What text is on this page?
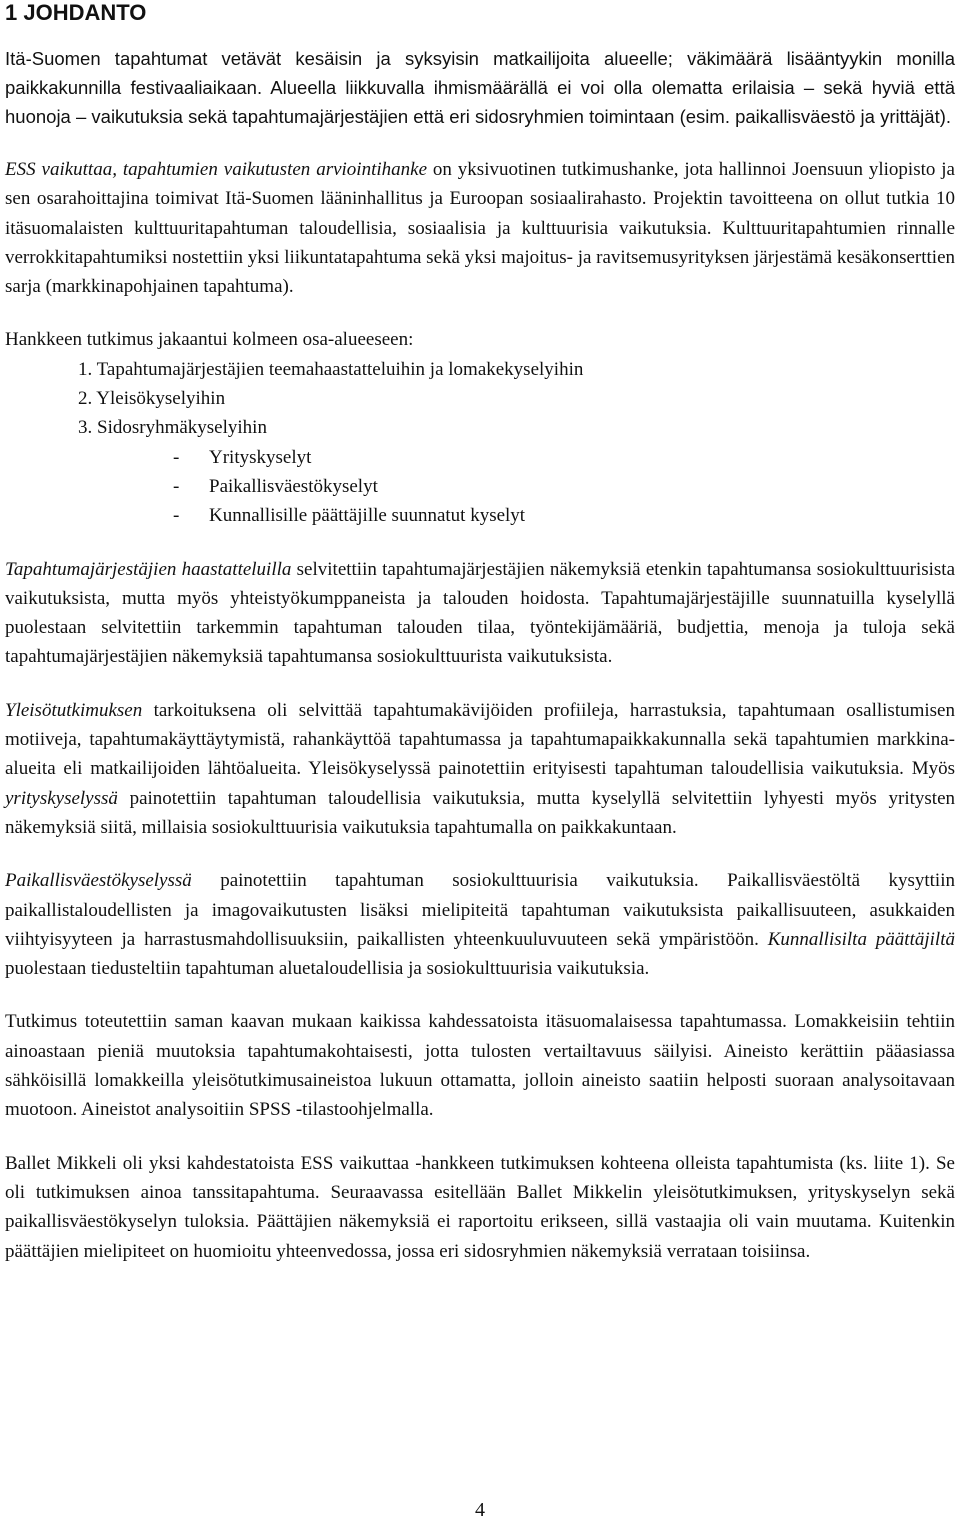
1 JOHDANTO

Itä-Suomen tapahtumat vetävät kesäisin ja syksyisin matkailijoita alueelle; väkimäärä lisääntyykin monilla paikkakunnilla festivaaliaikaan. Alueella liikkuvalla ihmismäärällä ei voi olla olematta erilaisia – sekä hyviä että huonoja – vaikutuksia sekä tapahtumajärjestäjien että eri sidosryhmien toimintaan (esim. paikallisväestö ja yrittäjät).

ESS vaikuttaa, tapahtumien vaikutusten arviointihanke on yksivuotinen tutkimushanke, jota hallinnoi Joensuun yliopisto ja sen osarahoittajina toimivat Itä-Suomen lääninhallitus ja Euroopan sosiaalirahasto. Projektin tavoitteena on ollut tutkia 10 itäsuomalaisten kulttuuritapahtuman taloudellisia, sosiaalisia ja kulttuurisia vaikutuksia. Kulttuuritapahtumien rinnalle verrokkitapahtumiksi nostettiin yksi liikuntatapahtuma sekä yksi majoitus- ja ravitsemusyrityksen järjestämä kesäkonserttien sarja (markkinapohjainen tapahtuma).

Hankkeen tutkimus jakaantui kolmeen osa-alueeseen:

1. Tapahtumajärjestäjien teemahaastatteluihin ja lomakekyselyihin
2. Yleisökyselyihin
3. Sidosryhmäkyselyihin
- Yrityskyselyt
- Paikallisväestökyselyt
- Kunnallisille päättäjille suunnatut kyselyt

Tapahtumajärjestäjien haastatteluilla selvitettiin tapahtumajärjestäjien näkemyksiä etenkin tapahtumansa sosiokulttuurisista vaikutuksista, mutta myös yhteistyökumppaneista ja talouden hoidosta. Tapahtumajärjestäjille suunnatuilla kyselyllä puolestaan selvitettiin tarkemmin tapahtuman talouden tilaa, työntekijämääriä, budjettia, menoja ja tuloja sekä tapahtumajärjestäjien näkemyksiä tapahtumansa sosiokulttuurista vaikutuksista.

Yleisötutkimuksen tarkoituksena oli selvittää tapahtumakävijöiden profiileja, harrastuksia, tapahtumaan osallistumisen motiiveja, tapahtumakäyttäytymistä, rahankäyttöä tapahtumassa ja tapahtumapaikkakunnalla sekä tapahtumien markkina-alueita eli matkailijoiden lähtöalueita. Yleisökyselyssä painotettiin erityisesti tapahtuman taloudellisia vaikutuksia. Myös yrityskyselyssä painotettiin tapahtuman taloudellisia vaikutuksia, mutta kyselyllä selvitettiin lyhyesti myös yritysten näkemyksiä siitä, millaisia sosiokulttuurisia vaikutuksia tapahtumalla on paikkakuntaan.

Paikallisväestökyselyssä painotettiin tapahtuman sosiokulttuurisia vaikutuksia. Paikallisväestöltä kysyttiin paikallistaloudellisten ja imagovaikutusten lisäksi mielipiteitä tapahtuman vaikutuksista paikallisuuteen, asukkaiden viihtyisyyteen ja harrastusmahdollisuuksiin, paikallisten yhteenkuuluvuuteen sekä ympäristöön. Kunnallisilta päättäjiltä puolestaan tiedusteltiin tapahtuman aluetaloudellisia ja sosiokulttuurisia vaikutuksia.

Tutkimus toteutettiin saman kaavan mukaan kaikissa kahdessatoista itäsuomalaisessa tapahtumassa. Lomakkeisiin tehtiin ainoastaan pieniä muutoksia tapahtumakohtaisesti, jotta tulosten vertailtavuus säilyisi. Aineisto kerättiin pääasiassa sähköisillä lomakkeilla yleisötutkimusaineistoa lukuun ottamatta, jolloin aineisto saatiin helposti suoraan analysoitavaan muotoon. Aineistot analysoitiin SPSS -tilastoohjelmalla.

Ballet Mikkeli oli yksi kahdestatoista ESS vaikuttaa -hankkeen tutkimuksen kohteena olleista tapahtumista (ks. liite 1). Se oli tutkimuksen ainoa tanssitapahtuma. Seuraavassa esitellään Ballet Mikkelin yleisötutkimuksen, yrityskyselyn sekä paikallisväestökyselyn tuloksia. Päättäjien näkemyksiä ei raportoitu erikseen, sillä vastaajia oli vain muutama. Kuitenkin päättäjien mielipiteet on huomioitu yhteenvedossa, jossa eri sidosryhmien näkemyksiä verrataan toisiinsa.

4
